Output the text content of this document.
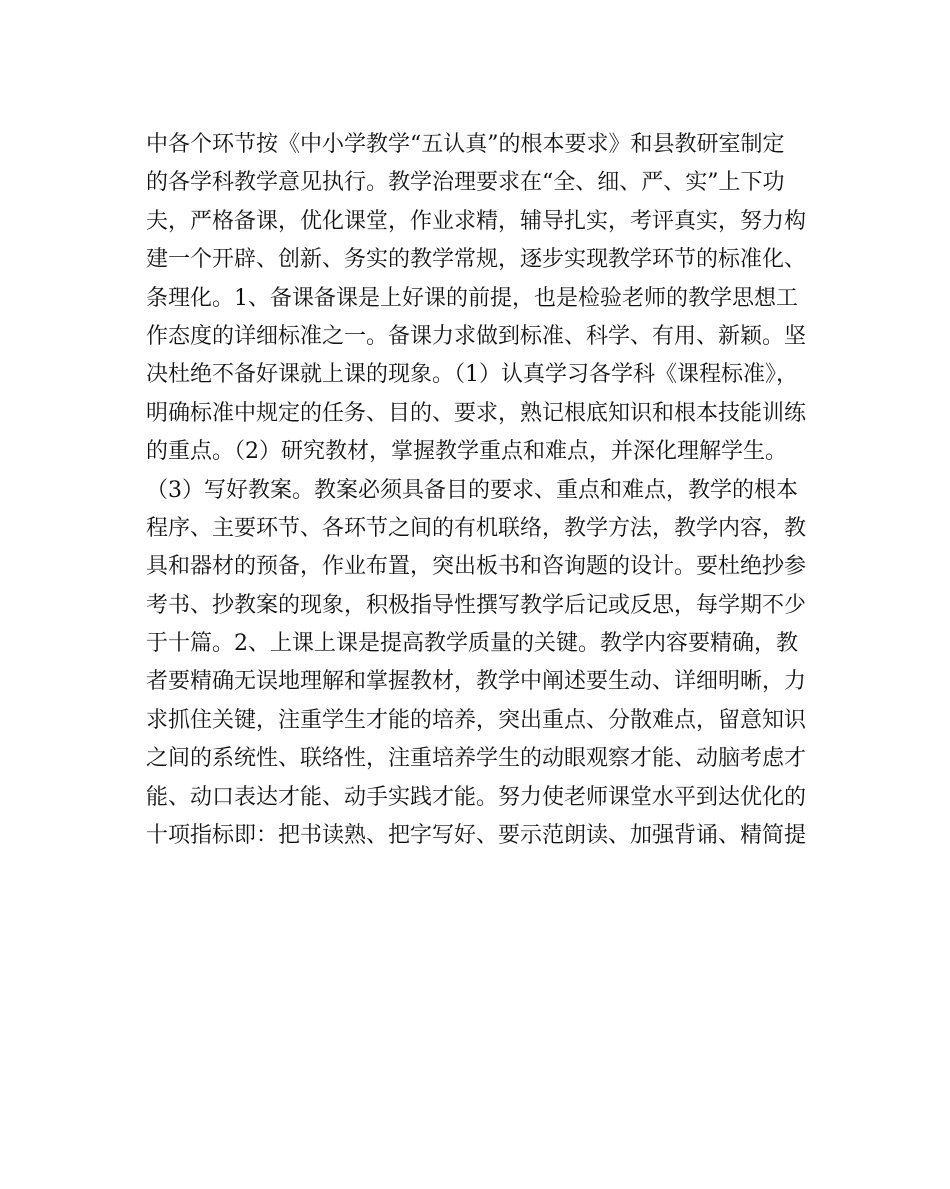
中各个环节按《中小学教学“五认真”的根本要求》和县教研室制定
的各学科教学意见执行。教学治理要求在“全、细、严、实”上下功
夫，严格备课，优化课堂，作业求精，辅导扎实，考评真实，努力构
建一个开辟、创新、务实的教学常规，逐步实现教学环节的标准化、
条理化。1、备课备课是上好课的前提，也是检验老师的教学思想工
作态度的详细标准之一。备课力求做到标准、科学、有用、新颖。坚
决杜绝不备好课就上课的现象。（1）认真学习各学科《课程标准》，
明确标准中规定的任务、目的、要求，熟记根底知识和根本技能训练
的重点。（2）研究教材，掌握教学重点和难点，并深化理解学生。
（3）写好教案。教案必须具备目的要求、重点和难点，教学的根本
程序、主要环节、各环节之间的有机联络，教学方法，教学内容，教
具和器材的预备，作业布置，突出板书和咨询题的设计。要杜绝抄参
考书、抄教案的现象，积极指导性撰写教学后记或反思，每学期不少
于十篇。2、上课上课是提高教学质量的关键。教学内容要精确，教
者要精确无误地理解和掌握教材，教学中阐述要生动、详细明晰，力
求抓住关键，注重学生才能的培养，突出重点、分散难点，留意知识
之间的系统性、联络性，注重培养学生的动眼观察才能、动脑考虑才
能、动口表达才能、动手实践才能。努力使老师课堂水平到达优化的
十项指标即：把书读熟、把字写好、要示范朗读、加强背诵、精简提
